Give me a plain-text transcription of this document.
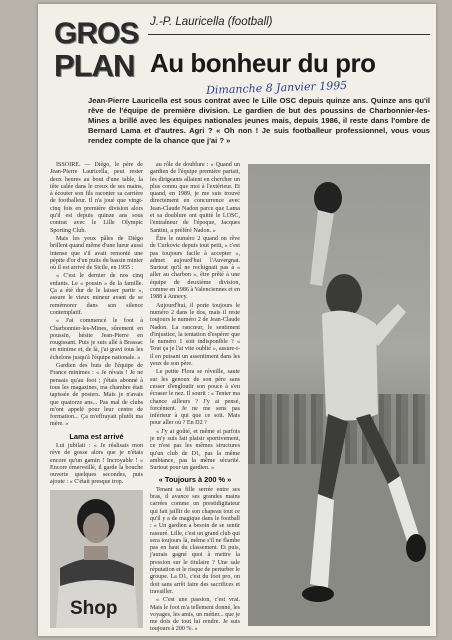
GROS
PLAN
J.-P. Lauricella (football)
Au bonheur du pro
Dimanche 8 Janvier 1995
Jean-Pierre Lauricella est sous contrat avec le Lille OSC depuis quinze ans. Quinze ans qu'il rêve de l'équipe de première division. Le gardien de but des poussins de Charbonnier-les-Mines a brillé avec les équipes nationales jeunes mais, depuis 1986, il reste dans l'ombre de Bernard Lama et d'autres. Agri ? « Oh non ! Je suis footballeur professionnel, vous vous rendez compte de la chance que j'ai ? »

ISSOIRE. — Diègo, le père de Jean-Pierre Lauricella, peut rester deux heures au bout d'une table, la tête calée dans le creux de ses mains, à écouter son fils raconter sa carrière de footballeur. Il n'a joué que vingt-cinq fois en première division alors qu'il est depuis quinze ans sous contrat avec le Lille Olympic Sporting Club.

Mais les yeux pâles de Diègo brillent quand même d'une lueur aussi intense que s'il avait remonté une pépite d'or d'un puits du bassin minier où il est arrivé de Sicile, en 1955 :

« C'est le dernier de nos cinq enfants. Le « pousin » de la famille. Ça a été dur de le laisser partir », assure le vieux mineur avant de se remémorer dans son silence contemplatif.

« J'ai commencé le foot à Charbonnier-les-Mines, sûrement en poussin, hésite Jean-Pierre en rougissant. Puis je suis allé à Brassac en minime et, de là, j'ai gravi tous les échelons jusqu'à l'équipe nationale. »

Gardien des buts de l'équipe de France minimes : « Je révais ! Je ne pensais qu'au foot ; j'étais abonné à tous les magazines, ma chambre était tapissée de posters. Mais je n'avais que quatorze ans... Pas mal de clubs m'ont appelé pour leur centre de formation... Ça m'effrayait plutôt ma mère. »

Lama est arrivé

Lui jubilait : « Je réalisais mon rêve de gosse alors que je n'étais encore qu'un gamin ! Incroyable ! » Encore émerveillé, il garde la bouche ouverte quelques secondes, puis ajoute : « C'était presque trop.

Shop

au rôle de doublure : « Quand un gardien de l'équipe première partait, les dirigeants allaient en chercher un plus connu que moi à l'extérieur. Et quand, en 1989, je me suis trouvé directement en concurrence avec Jean-Claude Nadon parce que Lama et sa doublure ont quitté le LOSC, l'entraîneur de l'époque, Jacques Santini, a préféré Nadon. »

Être le numéro 2 quand on rêve de Curkovic depuis tout petit, « c'est pas toujours facile à accepter », admet aujourd'hui l'Auvergnat. Surtout qu'il ne rechignait pas à « aller au charbon », être prêté à une équipe de deuxième division, comme en 1986 à Valenciennes et en 1988 à Annecy.

Aujourd'hui, il porte toujours le numéro 2 dans le dos, mais il reste toujours le numéro 2 de Jean-Claude Nadon. La rancœur, le sentiment d'injustice, la tentation d'espérer que le numéro 1 soit indisponible ? « Tout ça je l'ai vite oublié », assure-t-il en puisant un assentiment dans les yeux de son père.

Le petite Flora se réveille, saute sur les genoux de son père sans cesser d'engloutir son pouce à s'en écraser le nez. Il sourit : « Tenter ma chance ailleurs ? J'y ai pensé, forcément. Je ne me sens pas inférieur à qui que ce soit. Mais pour aller où ? En D2 ?

« J'y ai goûté, et même si parfois je m'y suis fait plaisir sportivement, ce n'est pas les mêmes structures qu'un club de D1, pas la même ambiance, pas la même sécurité. Surtout pour un gardien. »

« Toujours à 200 % »

Tenant sa fille serrée entre ses bras, il avance ses grandes mains carrées comme un prestidigitateur qui fait jaillir de son chapeau tout ce qu'il y a de magique dans le football : « Un gardien a besoin de se sentir rassuré. Lille, c'est un grand club qui sera toujours là, même s'il ne flambe pas en haut du classement. Et puis, j'aurais gagné quoi à mettre la pression sur le titulaire ? Une sale réputation et le risque de perturber le groupe. La D1, c'est du foot pro, on doit sans arrêt faire des sacrifices et travailler.

« C'est une passion, c'est vrai. Mais le foot m'a tellement donné, les voyages, les amis, un métier... que je me dois de tout lui rendre. Je suis toujours à 200 %. »
